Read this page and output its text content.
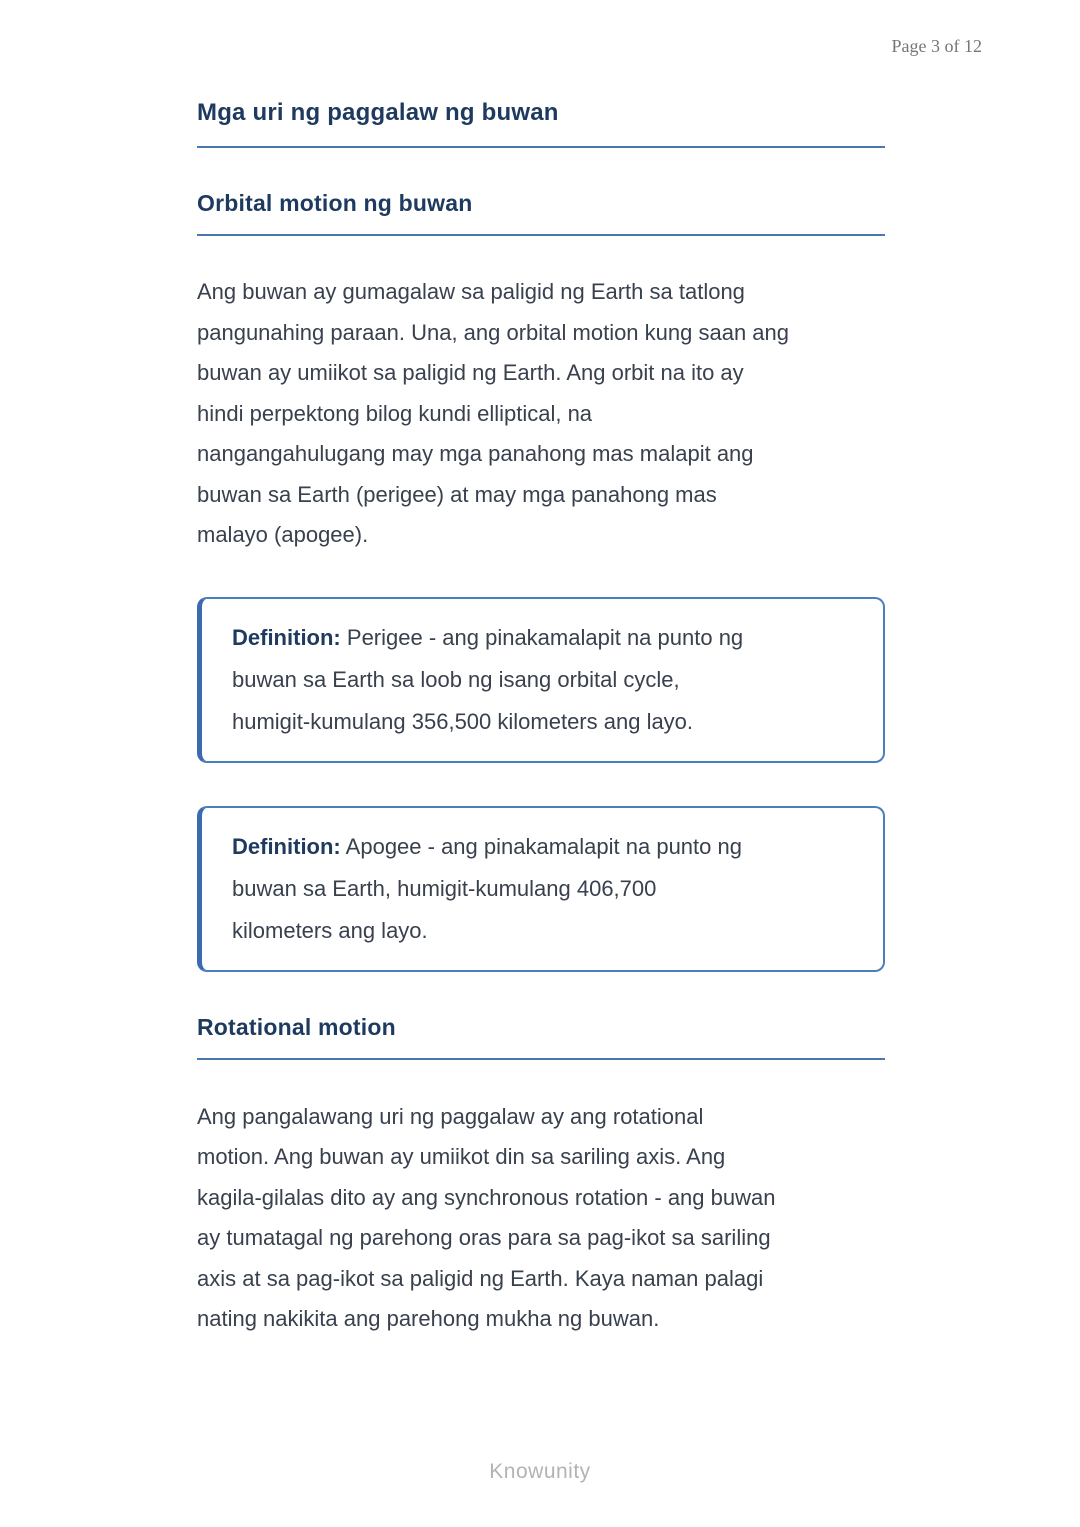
Page 3 of 12
Mga uri ng paggalaw ng buwan
Orbital motion ng buwan
Ang buwan ay gumagalaw sa paligid ng Earth sa tatlong
pangunahing paraan. Una, ang orbital motion kung saan ang
buwan ay umiikot sa paligid ng Earth. Ang orbit na ito ay
hindi perpektong bilog kundi elliptical, na
nangangahulugang may mga panahong mas malapit ang
buwan sa Earth (perigee) at may mga panahong mas
malayo (apogee).
Definition: Perigee - ang pinakamalapit na punto ng
buwan sa Earth sa loob ng isang orbital cycle,
humigit-kumulang 356,500 kilometers ang layo.
Definition: Apogee - ang pinakamalapit na punto ng
buwan sa Earth, humigit-kumulang 406,700
kilometers ang layo.
Rotational motion
Ang pangalawang uri ng paggalaw ay ang rotational
motion. Ang buwan ay umiikot din sa sariling axis. Ang
kagila-gilalas dito ay ang synchronous rotation - ang buwan
ay tumatagal ng parehong oras para sa pag-ikot sa sariling
axis at sa pag-ikot sa paligid ng Earth. Kaya naman palagi
nating nakikita ang parehong mukha ng buwan.
Knowunity
